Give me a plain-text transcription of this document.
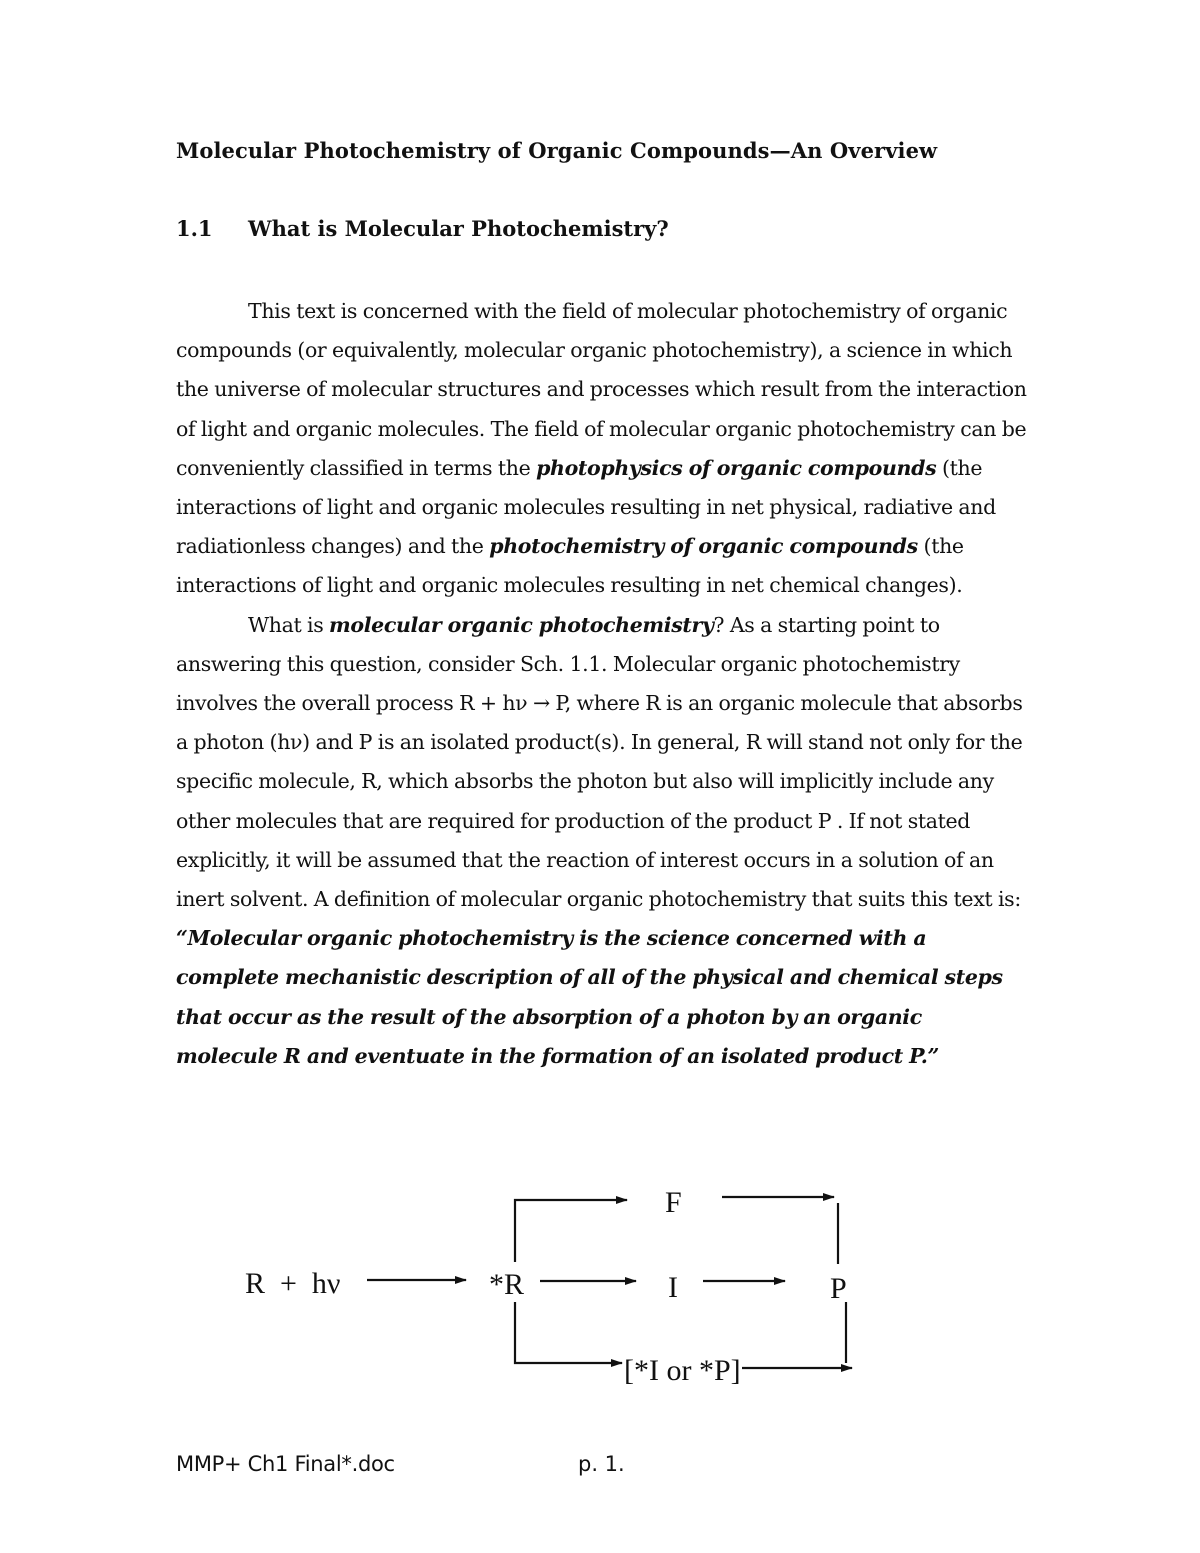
Molecular Photochemistry of Organic Compounds—An Overview
1.1 What is Molecular Photochemistry?

This text is concerned with the field of molecular photochemistry of organic compounds (or equivalently, molecular organic photochemistry), a science in which the universe of molecular structures and processes which result from the interaction of light and organic molecules. The field of molecular organic photochemistry can be conveniently classified in terms the photophysics of organic compounds (the interactions of light and organic molecules resulting in net physical, radiative and radiationless changes) and the photochemistry of organic compounds (the interactions of light and organic molecules resulting in net chemical changes).

What is molecular organic photochemistry? As a starting point to answering this question, consider Sch. 1.1. Molecular organic photochemistry involves the overall process R + hν → P, where R is an organic molecule that absorbs a photon (hν) and P is an isolated product(s). In general, R will stand not only for the specific molecule, R, which absorbs the photon but also will implicitly include any other molecules that are required for production of the product P . If not stated explicitly, it will be assumed that the reaction of interest occurs in a solution of an inert solvent. A definition of molecular organic photochemistry that suits this text is: “Molecular organic photochemistry is the science concerned with a complete mechanistic description of all of the physical and chemical steps that occur as the result of the absorption of a photon by an organic molecule R and eventuate in the formation of an isolated product P.”

R  +  hν	*R
F
I	P
[*I or *P]
MMP+ Ch1 Final*.doc	p. 1.
